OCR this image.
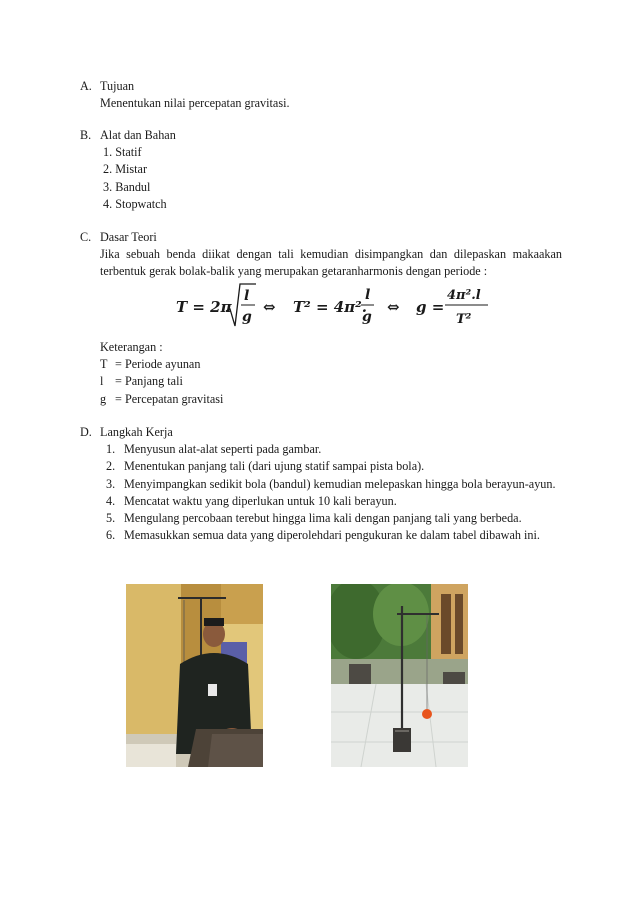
A. Tujuan
Menentukan nilai percepatan gravitasi.
B. Alat dan Bahan
1. Statif
2. Mistar
3. Bandul
4. Stopwatch
C. Dasar Teori
Jika sebuah benda diikat dengan tali kemudian disimpangkan dan dilepaskan makaakan terbentuk gerak bolak-balik yang merupakan getaranharmonis dengan periode :
T = 2π
l
g
⇔ T² = 4π².
l
g
⇔ g =
4π².l
T²
Keterangan :
T = Periode ayunan
l = Panjang tali
g = Percepatan gravitasi
D. Langkah Kerja
1. Menyusun alat-alat seperti pada gambar.
2. Menentukan panjang tali (dari ujung statif sampai pista bola).
3. Menyimpangkan sedikit bola (bandul) kemudian melepaskan hingga bola berayun-ayun.
4. Mencatat waktu yang diperlukan untuk 10 kali berayun.
5. Mengulang percobaan terebut hingga lima kali dengan panjang tali yang berbeda.
6. Memasukkan semua data yang diperolehdari pengukuran ke dalam tabel dibawah ini.
